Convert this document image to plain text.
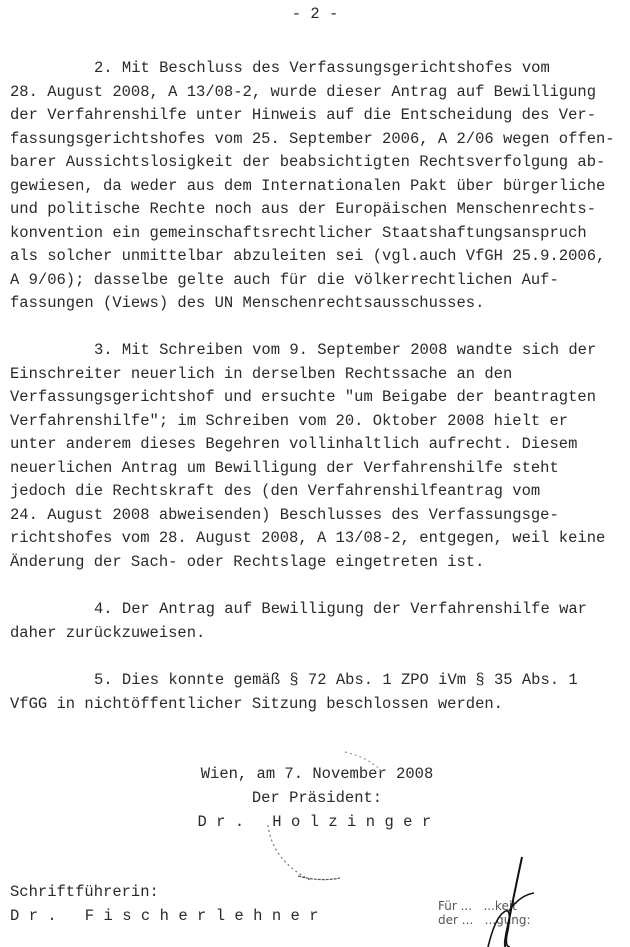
- 2 -
2. Mit Beschluss des Verfassungsgerichtshofes vom
28. August 2008, A 13/08-2, wurde dieser Antrag auf Bewilligung
der Verfahrenshilfe unter Hinweis auf die Entscheidung des Ver-
fassungsgerichtshofes vom 25. September 2006, A 2/06 wegen offen-
barer Aussichtslosigkeit der beabsichtigten Rechtsverfolgung ab-
gewiesen, da weder aus dem Internationalen Pakt über bürgerliche
und politische Rechte noch aus der Europäischen Menschenrechts-
konvention ein gemeinschaftsrechtlicher Staatshaftungsanspruch
als solcher unmittelbar abzuleiten sei (vgl.auch VfGH 25.9.2006,
A 9/06); dasselbe gelte auch für die völkerrechtlichen Auf-
fassungen (Views) des UN Menschenrechtsausschusses.
3. Mit Schreiben vom 9. September 2008 wandte sich der
Einschreiter neuerlich in derselben Rechtssache an den
Verfassungsgerichtshof und ersuchte "um Beigabe der beantragten
Verfahrenshilfe"; im Schreiben vom 20. Oktober 2008 hielt er
unter anderem dieses Begehren vollinhaltlich aufrecht. Diesem
neuerlichen Antrag um Bewilligung der Verfahrenshilfe steht
jedoch die Rechtskraft des (den Verfahrenshilfeantrag vom
24. August 2008 abweisenden) Beschlusses des Verfassungsge-
richtshofes vom 28. August 2008, A 13/08-2, entgegen, weil keine
Änderung der Sach- oder Rechtslage eingetreten ist.
4. Der Antrag auf Bewilligung der Verfahrenshilfe war
daher zurückzuweisen.
5. Dies konnte gemäß § 72 Abs. 1 ZPO iVm § 35 Abs. 1
VfGG in nichtöffentlicher Sitzung beschlossen werden.
Wien, am 7. November 2008
Der Präsident:
Dr. Holzinger
Schriftführerin:
Dr. Fischerlehner
Für ...   ...keit
der ...   ...gung:
